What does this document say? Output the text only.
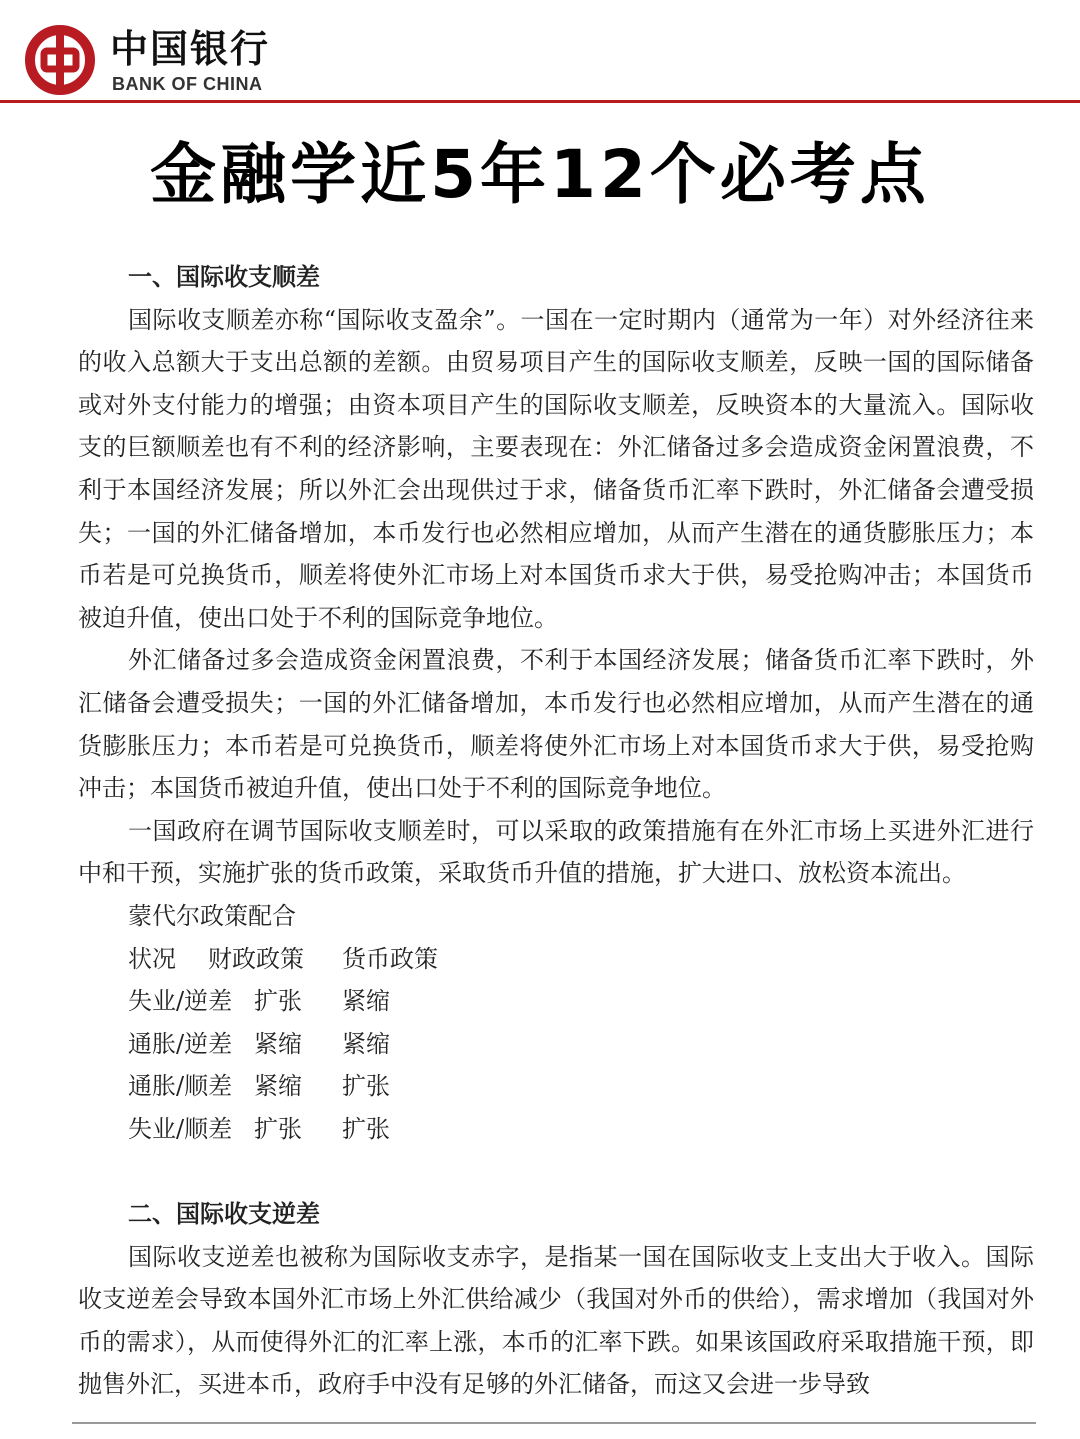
中国银行
BANK OF CHINA
金融学近5年12个必考点

一、国际收支顺差

国际收支顺差亦称“国际收支盈余”。一国在一定时期内（通常为一年）对外经济往来的收入总额大于支出总额的差额。由贸易项目产生的国际收支顺差，反映一国的国际储备或对外支付能力的增强；由资本项目产生的国际收支顺差，反映资本的大量流入。国际收支的巨额顺差也有不利的经济影响，主要表现在：外汇储备过多会造成资金闲置浪费，不利于本国经济发展；所以外汇会出现供过于求，储备货币汇率下跌时，外汇储备会遭受损失；一国的外汇储备增加，本币发行也必然相应增加，从而产生潜在的通货膨胀压力；本币若是可兑换货币，顺差将使外汇市场上对本国货币求大于供，易受抢购冲击；本国货币被迫升值，使出口处于不利的国际竞争地位。

外汇储备过多会造成资金闲置浪费，不利于本国经济发展；储备货币汇率下跌时，外汇储备会遭受损失；一国的外汇储备增加，本币发行也必然相应增加，从而产生潜在的通货膨胀压力；本币若是可兑换货币，顺差将使外汇市场上对本国货币求大于供，易受抢购冲击；本国货币被迫升值，使出口处于不利的国际竞争地位。

一国政府在调节国际收支顺差时，可以采取的政策措施有在外汇市场上买进外汇进行中和干预，实施扩张的货币政策，采取货币升值的措施，扩大进口、放松资本流出。

蒙代尔政策配合

状况 财政政策 货币政策
失业/逆差 扩张 紧缩
通胀/逆差 紧缩 紧缩
通胀/顺差 紧缩 扩张
失业/顺差 扩张 扩张

二、国际收支逆差

国际收支逆差也被称为国际收支赤字，是指某一国在国际收支上支出大于收入。国际收支逆差会导致本国外汇市场上外汇供给减少（我国对外币的供给），需求增加（我国对外币的需求），从而使得外汇的汇率上涨，本币的汇率下跌。如果该国政府采取措施干预，即抛售外汇，买进本币，政府手中没有足够的外汇储备，而这又会进一步导致
